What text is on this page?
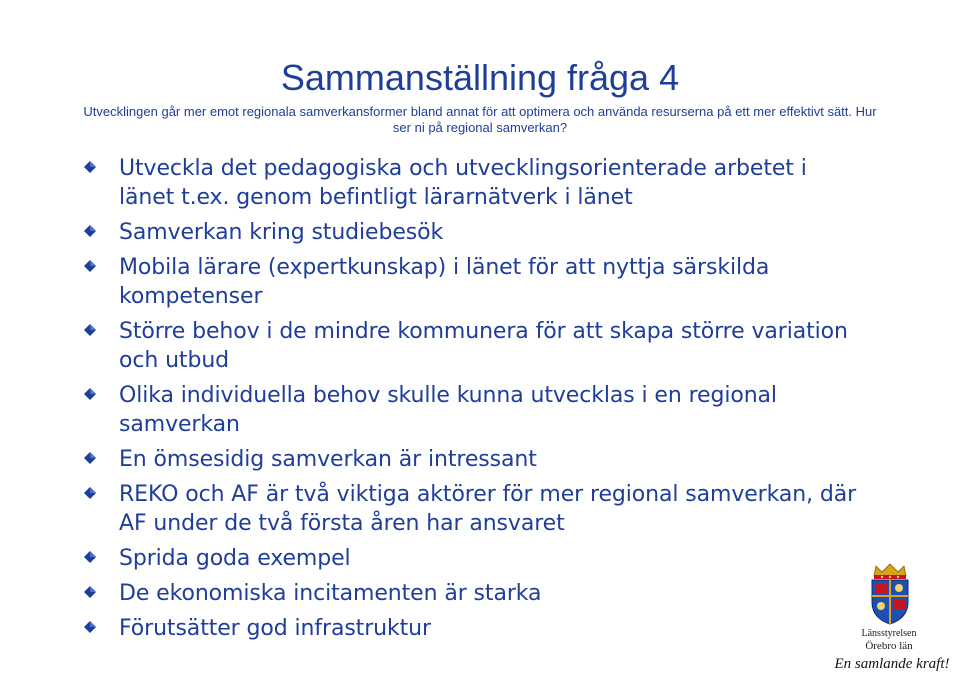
Sammanställning fråga 4

Utvecklingen går mer emot regionala samverkansformer bland annat för att optimera och använda resurserna på ett mer effektivt sätt. Hur ser ni på regional samverkan?

Utveckla det pedagogiska och utvecklingsorienterade arbetet i länet t.ex. genom befintligt lärarnätverk i länet
Samverkan kring studiebesök
Mobila lärare (expertkunskap) i länet för att nyttja särskilda kompetenser
Större behov i de mindre kommunera för att skapa större variation och utbud
Olika individuella behov skulle kunna utvecklas i en regional samverkan
En ömsesidig samverkan är intressant
REKO och AF är två viktiga aktörer för mer regional samverkan, där AF under de två första åren har ansvaret
Sprida goda exempel
De ekonomiska incitamenten är starka
Förutsätter god infrastruktur	Länsstyrelsen
Örebro län
En samlande kraft!
